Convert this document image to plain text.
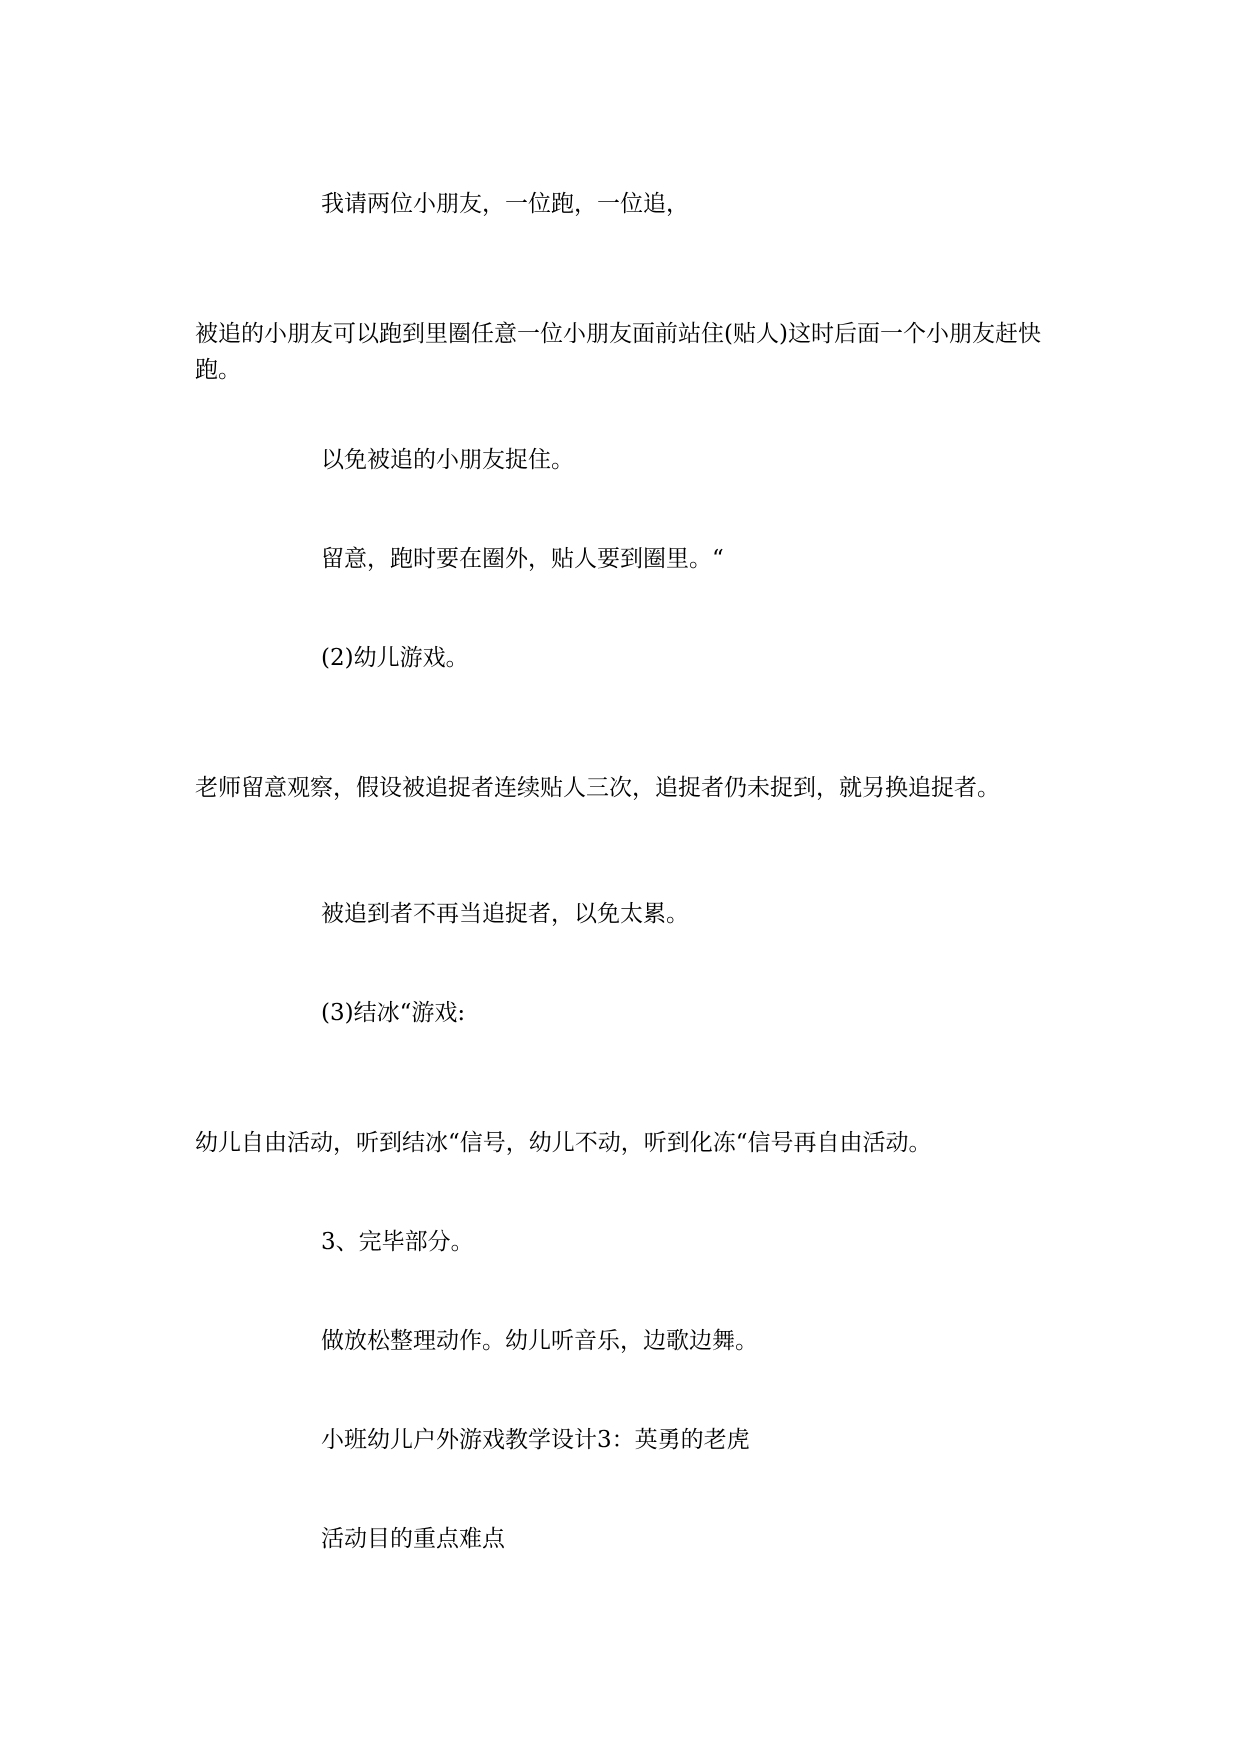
我请两位小朋友，一位跑，一位追，
被追的小朋友可以跑到里圈任意一位小朋友面前站住(贴人)这时后面一个小朋友赶快跑。
以免被追的小朋友捉住。
留意，跑时要在圈外，贴人要到圈里。“
(2)幼儿游戏。
老师留意观察，假设被追捉者连续贴人三次，追捉者仍未捉到，就另换追捉者。
被追到者不再当追捉者，以免太累。
(3)结冰“游戏:
幼儿自由活动，听到结冰“信号，幼儿不动，听到化冻“信号再自由活动。
3、完毕部分。
做放松整理动作。幼儿听音乐，边歌边舞。
小班幼儿户外游戏教学设计3：英勇的老虎
活动目的重点难点
